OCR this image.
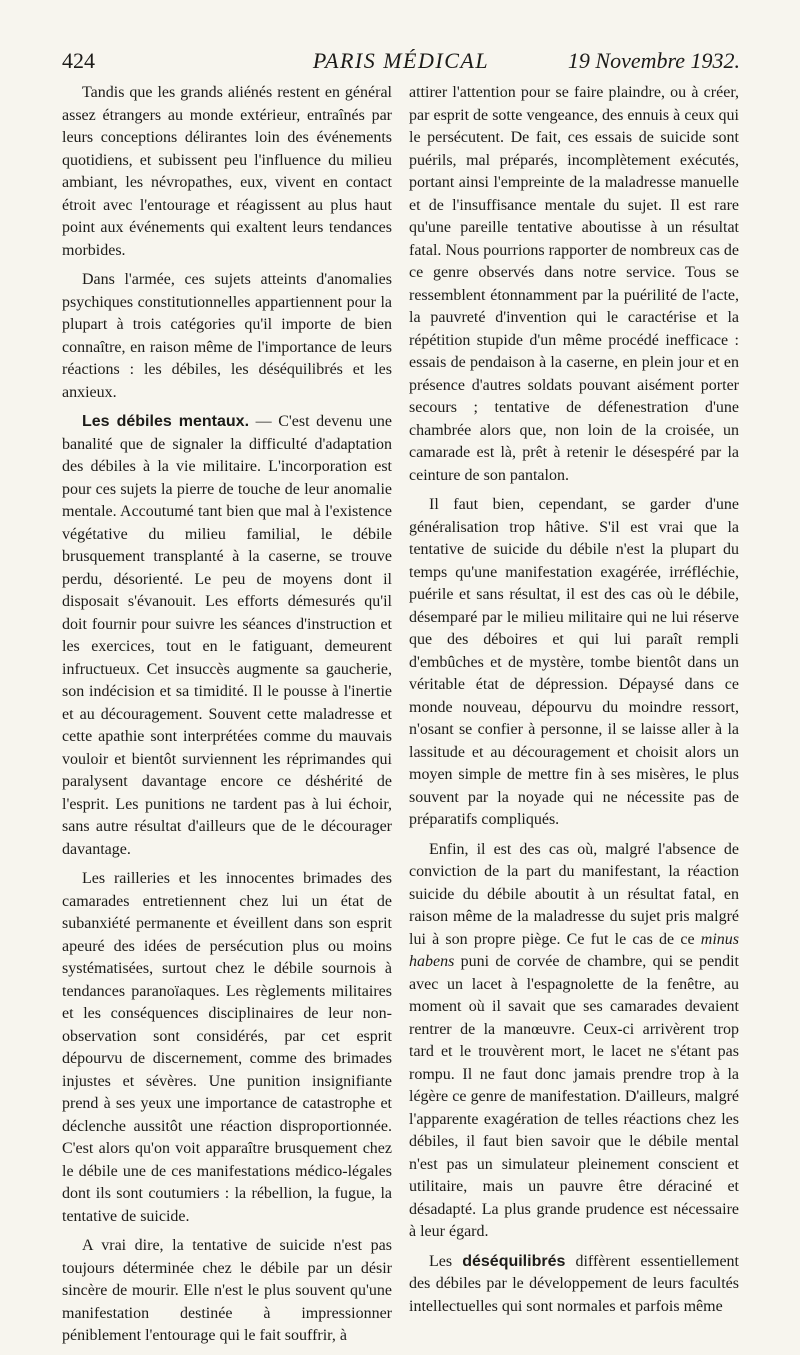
424	PARIS MÉDICAL	19 Novembre 1932.

Tandis que les grands aliénés restent en général assez étrangers au monde extérieur, entraînés par leurs conceptions délirantes loin des événements quotidiens, et subissent peu l'influence du milieu ambiant, les névropathes, eux, vivent en contact étroit avec l'entourage et réagissent au plus haut point aux événements qui exaltent leurs tendances morbides.

Dans l'armée, ces sujets atteints d'anomalies psychiques constitutionnelles appartiennent pour la plupart à trois catégories qu'il importe de bien connaître, en raison même de l'importance de leurs réactions : les débiles, les déséquilibrés et les anxieux.

Les débiles mentaux. — C'est devenu une banalité que de signaler la difficulté d'adaptation des débiles à la vie militaire. L'incorporation est pour ces sujets la pierre de touche de leur anomalie mentale. Accoutumé tant bien que mal à l'existence végétative du milieu familial, le débile brusquement transplanté à la caserne, se trouve perdu, désorienté. Le peu de moyens dont il disposait s'évanouit. Les efforts démesurés qu'il doit fournir pour suivre les séances d'instruction et les exercices, tout en le fatiguant, demeurent infructueux. Cet insuccès augmente sa gaucherie, son indécision et sa timidité. Il le pousse à l'inertie et au découragement. Souvent cette maladresse et cette apathie sont interprétées comme du mauvais vouloir et bientôt surviennent les réprimandes qui paralysent davantage encore ce déshérité de l'esprit. Les punitions ne tardent pas à lui échoir, sans autre résultat d'ailleurs que de le décourager davantage.

Les railleries et les innocentes brimades des camarades entretiennent chez lui un état de subanxiété permanente et éveillent dans son esprit apeuré des idées de persécution plus ou moins systématisées, surtout chez le débile sournois à tendances paranoïaques. Les règlements militaires et les conséquences disciplinaires de leur non-observation sont considérés, par cet esprit dépourvu de discernement, comme des brimades injustes et sévères. Une punition insignifiante prend à ses yeux une importance de catastrophe et déclenche aussitôt une réaction disproportionnée. C'est alors qu'on voit apparaître brusquement chez le débile une de ces manifestations médico-légales dont ils sont coutumiers : la rébellion, la fugue, la tentative de suicide.

A vrai dire, la tentative de suicide n'est pas toujours déterminée chez le débile par un désir sincère de mourir. Elle n'est le plus souvent qu'une manifestation destinée à impressionner péniblement l'entourage qui le fait souffrir, à

attirer l'attention pour se faire plaindre, ou à créer, par esprit de sotte vengeance, des ennuis à ceux qui le persécutent. De fait, ces essais de suicide sont puérils, mal préparés, incomplètement exécutés, portant ainsi l'empreinte de la maladresse manuelle et de l'insuffisance mentale du sujet. Il est rare qu'une pareille tentative aboutisse à un résultat fatal. Nous pourrions rapporter de nombreux cas de ce genre observés dans notre service. Tous se ressemblent étonnamment par la puérilité de l'acte, la pauvreté d'invention qui le caractérise et la répétition stupide d'un même procédé inefficace : essais de pendaison à la caserne, en plein jour et en présence d'autres soldats pouvant aisément porter secours ; tentative de défenestration d'une chambrée alors que, non loin de la croisée, un camarade est là, prêt à retenir le désespéré par la ceinture de son pantalon.

Il faut bien, cependant, se garder d'une généralisation trop hâtive. S'il est vrai que la tentative de suicide du débile n'est la plupart du temps qu'une manifestation exagérée, irréfléchie, puérile et sans résultat, il est des cas où le débile, désemparé par le milieu militaire qui ne lui réserve que des déboires et qui lui paraît rempli d'embûches et de mystère, tombe bientôt dans un véritable état de dépression. Dépaysé dans ce monde nouveau, dépourvu du moindre ressort, n'osant se confier à personne, il se laisse aller à la lassitude et au découragement et choisit alors un moyen simple de mettre fin à ses misères, le plus souvent par la noyade qui ne nécessite pas de préparatifs compliqués.

Enfin, il est des cas où, malgré l'absence de conviction de la part du manifestant, la réaction suicide du débile aboutit à un résultat fatal, en raison même de la maladresse du sujet pris malgré lui à son propre piège. Ce fut le cas de ce minus habens puni de corvée de chambre, qui se pendit avec un lacet à l'espagnolette de la fenêtre, au moment où il savait que ses camarades devaient rentrer de la manœuvre. Ceux-ci arrivèrent trop tard et le trouvèrent mort, le lacet ne s'étant pas rompu. Il ne faut donc jamais prendre trop à la légère ce genre de manifestation. D'ailleurs, malgré l'apparente exagération de telles réactions chez les débiles, il faut bien savoir que le débile mental n'est pas un simulateur pleinement conscient et utilitaire, mais un pauvre être déraciné et désadapté. La plus grande prudence est nécessaire à leur égard.

Les déséquilibrés diffèrent essentiellement des débiles par le développement de leurs facultés intellectuelles qui sont normales et parfois même
